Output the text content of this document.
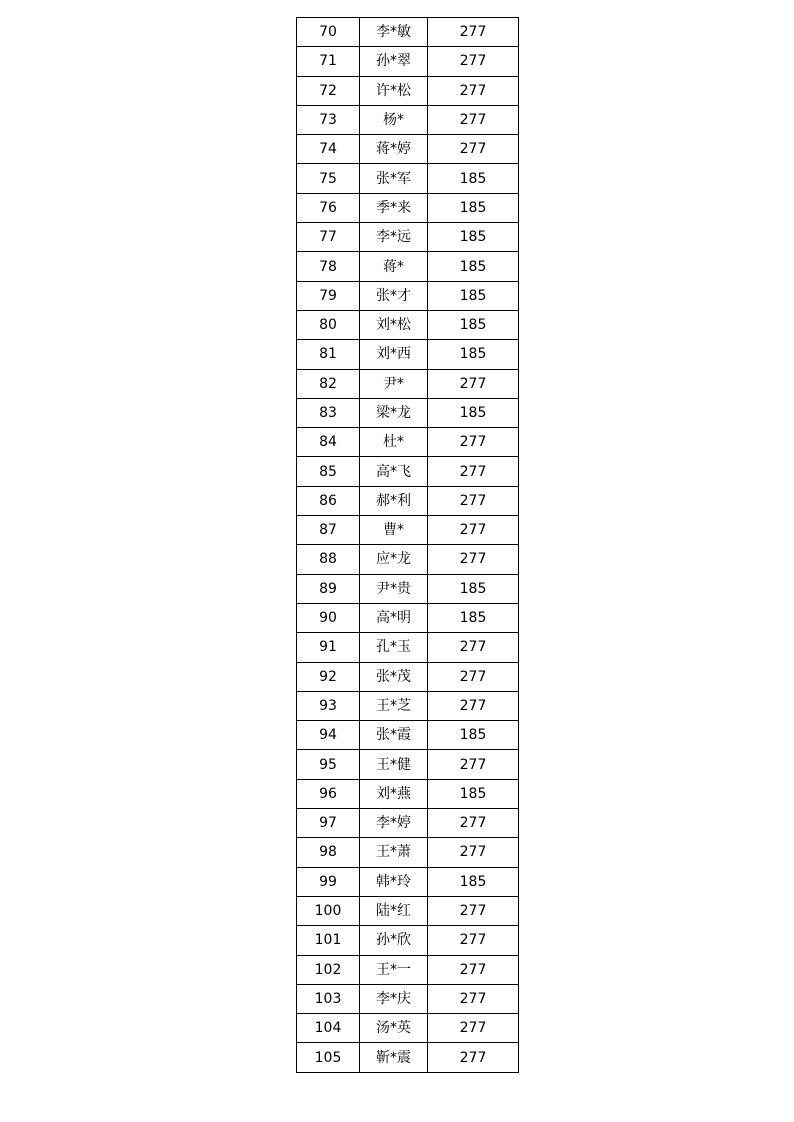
70	李*敏	277
71	孙*翠	277
72	许*松	277
73	杨*	277
74	蒋*婷	277
75	张*军	185
76	季*来	185
77	李*远	185
78	蒋*	185
79	张*才	185
80	刘*松	185
81	刘*西	185
82	尹*	277
83	梁*龙	185
84	杜*	277
85	高*飞	277
86	郝*利	277
87	曹*	277
88	应*龙	277
89	尹*贵	185
90	高*明	185
91	孔*玉	277
92	张*茂	277
93	王*芝	277
94	张*霞	185
95	王*健	277
96	刘*燕	185
97	李*婷	277
98	王*萧	277
99	韩*玲	185
100	陆*红	277
101	孙*欣	277
102	王*一	277
103	李*庆	277
104	汤*英	277
105	靳*震	277
